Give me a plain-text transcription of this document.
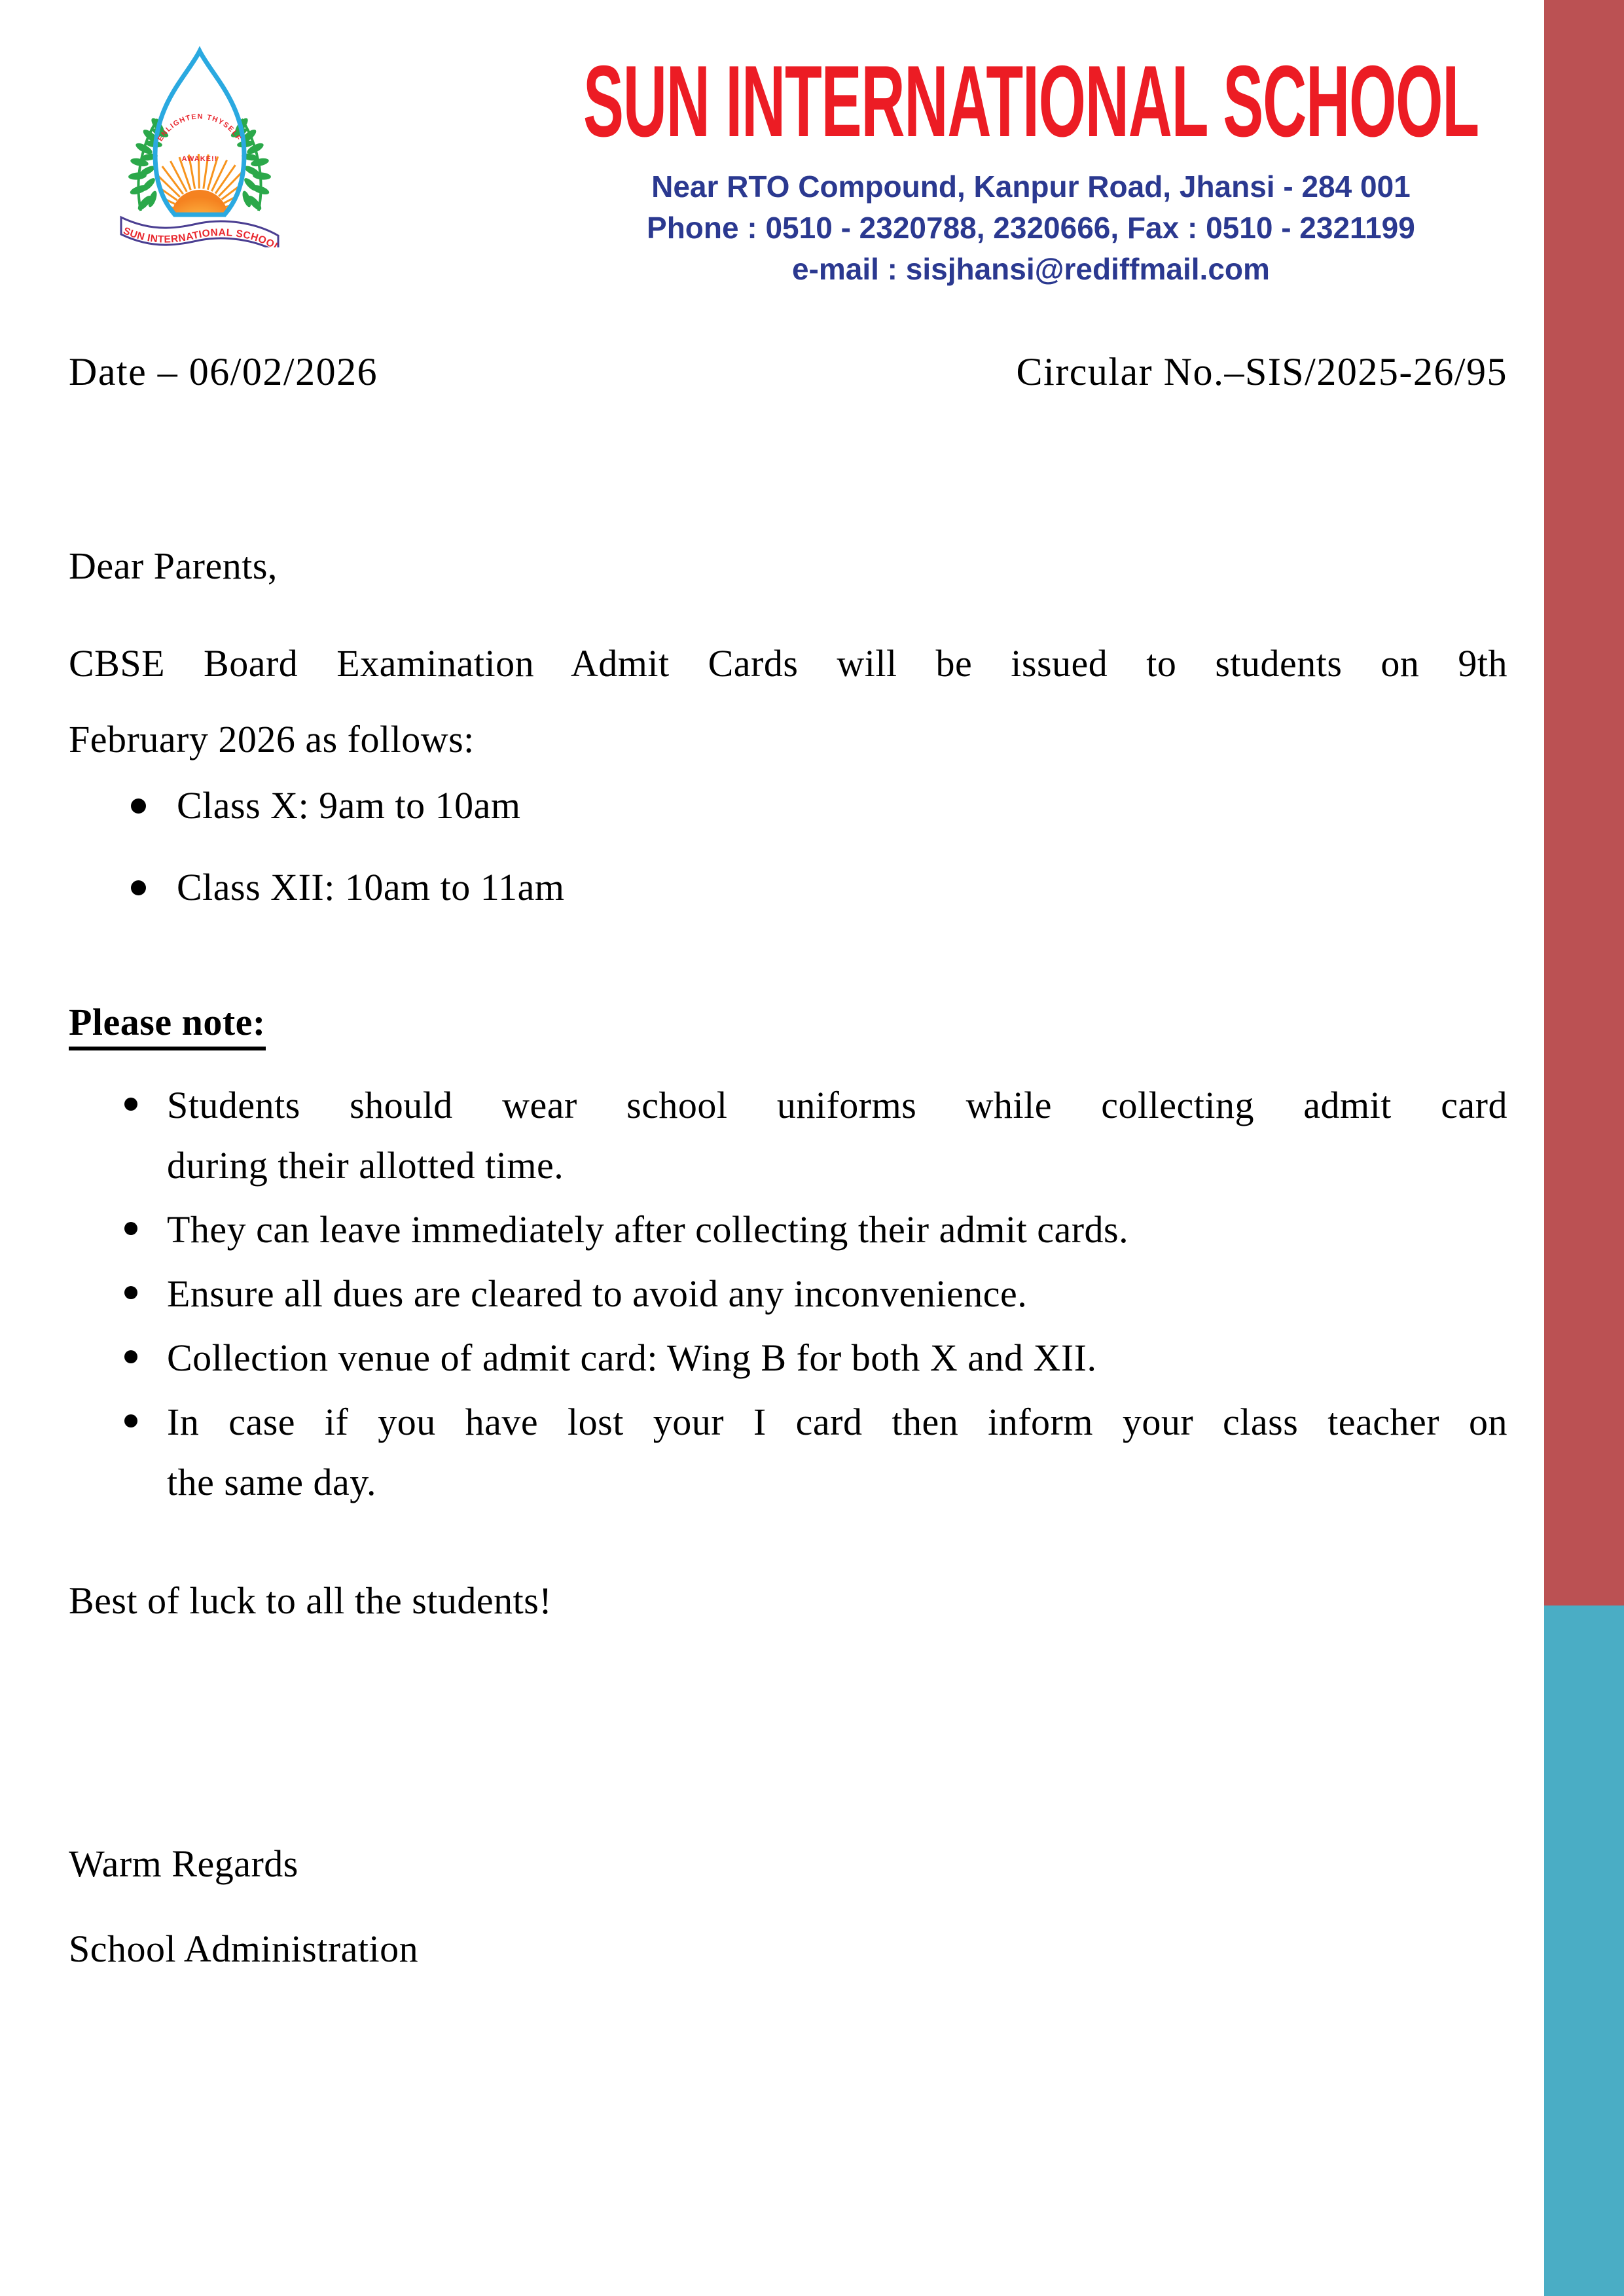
ENLIGHTEN THYSELF
AWAKE!!
SUN INTERNATIONAL SCHOOL
SUN INTERNATIONAL SCHOOL
Near RTO Compound, Kanpur Road, Jhansi - 284 001
Phone : 0510 - 2320788, 2320666, Fax : 0510 - 2321199
e-mail : sisjhansi@rediffmail.com
Date – 06/02/2026	Circular No.–SIS/2025-26/95

Dear Parents,

CBSE Board Examination Admit Cards will be issued to students on 9th
February 2026 as follows:

Class X: 9am to 10am
Class XII: 10am to 11am

Please note:

Students should wear school uniforms while collecting admit card
during their allotted time.
They can leave immediately after collecting their admit cards.
Ensure all dues are cleared to avoid any inconvenience.
Collection venue of admit card: Wing B for both X and XII.
In case if you have lost your I card then inform your class teacher on
the same day.

Best of luck to all the students!

Warm Regards

School Administration
